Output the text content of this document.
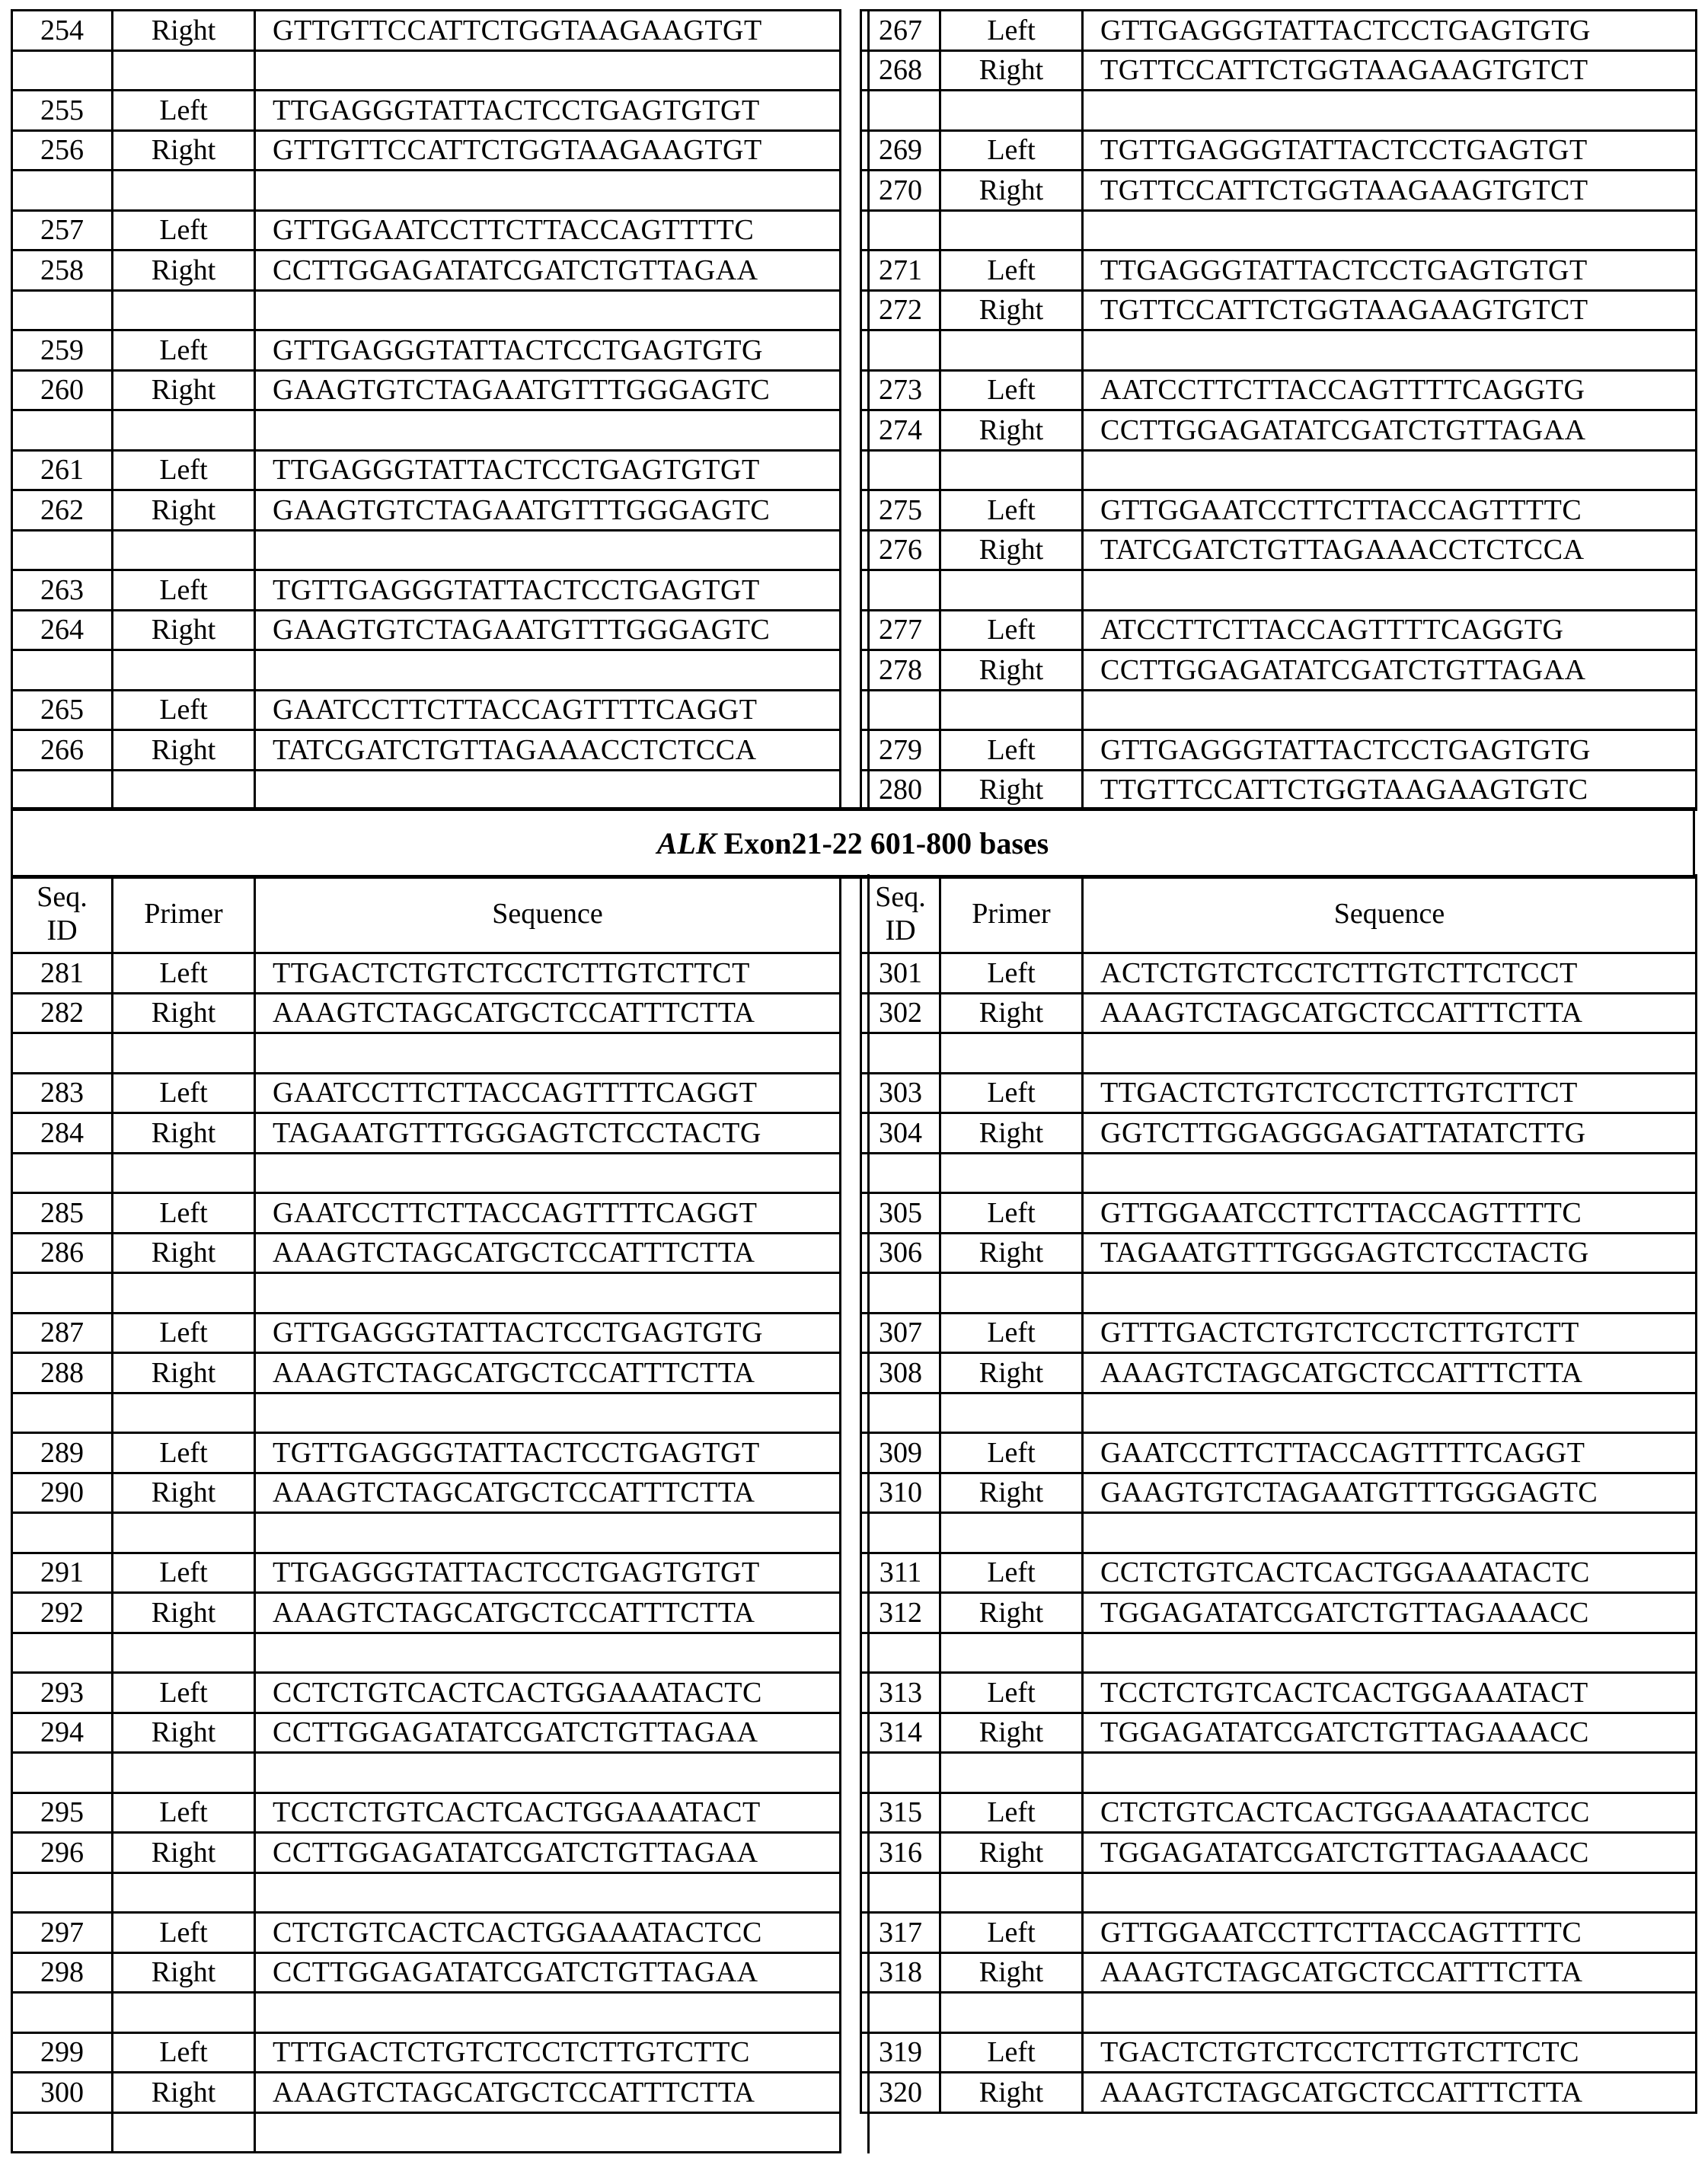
254	Right	GTTGTTCCATTCTGGTAAGAAGTGT

255	Left	TTGAGGGTATTACTCCTGAGTGTGT
256	Right	GTTGTTCCATTCTGGTAAGAAGTGT

257	Left	GTTGGAATCCTTCTTACCAGTTTTC
258	Right	CCTTGGAGATATCGATCTGTTAGAA

259	Left	GTTGAGGGTATTACTCCTGAGTGTG
260	Right	GAAGTGTCTAGAATGTTTGGGAGTC

261	Left	TTGAGGGTATTACTCCTGAGTGTGT
262	Right	GAAGTGTCTAGAATGTTTGGGAGTC

263	Left	TGTTGAGGGTATTACTCCTGAGTGT
264	Right	GAAGTGTCTAGAATGTTTGGGAGTC

265	Left	GAATCCTTCTTACCAGTTTTCAGGT
266	Right	TATCGATCTGTTAGAAACCTCTCCA

267	Left	GTTGAGGGTATTACTCCTGAGTGTG
268	Right	TGTTCCATTCTGGTAAGAAGTGTCT

269	Left	TGTTGAGGGTATTACTCCTGAGTGT
270	Right	TGTTCCATTCTGGTAAGAAGTGTCT

271	Left	TTGAGGGTATTACTCCTGAGTGTGT
272	Right	TGTTCCATTCTGGTAAGAAGTGTCT

273	Left	AATCCTTCTTACCAGTTTTCAGGTG
274	Right	CCTTGGAGATATCGATCTGTTAGAA

275	Left	GTTGGAATCCTTCTTACCAGTTTTC
276	Right	TATCGATCTGTTAGAAACCTCTCCA

277	Left	ATCCTTCTTACCAGTTTTCAGGTG
278	Right	CCTTGGAGATATCGATCTGTTAGAA

279	Left	GTTGAGGGTATTACTCCTGAGTGTG
280	Right	TTGTTCCATTCTGGTAAGAAGTGTC
ALK Exon21-22 601-800 bases
Seq.
ID	Primer	Sequence
281	Left	TTGACTCTGTCTCCTCTTGTCTTCT
282	Right	AAAGTCTAGCATGCTCCATTTCTTA

283	Left	GAATCCTTCTTACCAGTTTTCAGGT
284	Right	TAGAATGTTTGGGAGTCTCCTACTG

285	Left	GAATCCTTCTTACCAGTTTTCAGGT
286	Right	AAAGTCTAGCATGCTCCATTTCTTA

287	Left	GTTGAGGGTATTACTCCTGAGTGTG
288	Right	AAAGTCTAGCATGCTCCATTTCTTA

289	Left	TGTTGAGGGTATTACTCCTGAGTGT
290	Right	AAAGTCTAGCATGCTCCATTTCTTA

291	Left	TTGAGGGTATTACTCCTGAGTGTGT
292	Right	AAAGTCTAGCATGCTCCATTTCTTA

293	Left	CCTCTGTCACTCACTGGAAATACTC
294	Right	CCTTGGAGATATCGATCTGTTAGAA

295	Left	TCCTCTGTCACTCACTGGAAATACT
296	Right	CCTTGGAGATATCGATCTGTTAGAA

297	Left	CTCTGTCACTCACTGGAAATACTCC
298	Right	CCTTGGAGATATCGATCTGTTAGAA

299	Left	TTTGACTCTGTCTCCTCTTGTCTTC
300	Right	AAAGTCTAGCATGCTCCATTTCTTA

Seq.
ID	Primer	Sequence
301	Left	ACTCTGTCTCCTCTTGTCTTCTCCT
302	Right	AAAGTCTAGCATGCTCCATTTCTTA

303	Left	TTGACTCTGTCTCCTCTTGTCTTCT
304	Right	GGTCTTGGAGGGAGATTATATCTTG

305	Left	GTTGGAATCCTTCTTACCAGTTTTC
306	Right	TAGAATGTTTGGGAGTCTCCTACTG

307	Left	GTTTGACTCTGTCTCCTCTTGTCTT
308	Right	AAAGTCTAGCATGCTCCATTTCTTA

309	Left	GAATCCTTCTTACCAGTTTTCAGGT
310	Right	GAAGTGTCTAGAATGTTTGGGAGTC

311	Left	CCTCTGTCACTCACTGGAAATACTC
312	Right	TGGAGATATCGATCTGTTAGAAACC

313	Left	TCCTCTGTCACTCACTGGAAATACT
314	Right	TGGAGATATCGATCTGTTAGAAACC

315	Left	CTCTGTCACTCACTGGAAATACTCC
316	Right	TGGAGATATCGATCTGTTAGAAACC

317	Left	GTTGGAATCCTTCTTACCAGTTTTC
318	Right	AAAGTCTAGCATGCTCCATTTCTTA

319	Left	TGACTCTGTCTCCTCTTGTCTTCTC
320	Right	AAAGTCTAGCATGCTCCATTTCTTA
